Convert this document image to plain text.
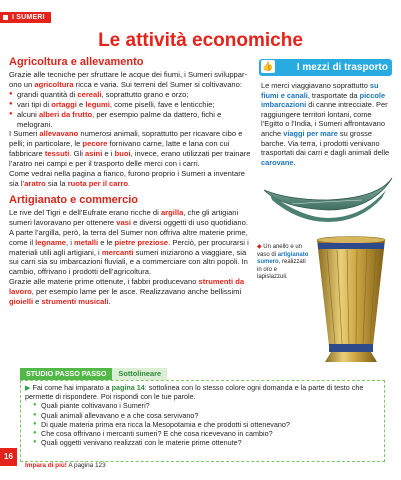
I SUMERI
Le attività economiche
Agricoltura e allevamento

Grazie alle tecniche per sfruttare le acque dei fiumi, i Sumeri svilupparono un agricoltura ricca e varia. Sui terreni del Sumer si coltivavano:

● grandi quantità di cereali, soprattutto grano e orzo;
● vari tipi di ortaggi e legumi, come piselli, fave e lenticchie;
● alcuni alberi da frutto, per esempio palme da dattero, fichi e melograni.

I Sumeri allevavano numerosi animali, soprattutto per ricavare cibo e pelli; in particolare, le pecore fornivano carne, latte e lana con cui fabbricare tessuti. Gli asini e i buoi, invece, erano utilizzati per trainare l’aratro nei campi e per il trasporto delle merci con i carri.

Come vedrai nella pagina a fianco, furono proprio i Sumeri a inventare sia l’aratro sia la ruota per il carro.

Artigianato e commercio

Le rive del Tigri e dell’Eufrate erano ricche di argilla, che gli artigiani sumeri lavoravano per ottenere vasi e diversi oggetti di uso quotidiano. A parte l’argilla, però, la terra del Sumer non offriva altre materie prime, come il legname, i metalli e le pietre preziose. Perciò, per procurarsi i materiali utili agli artigiani, i mercanti sumeri iniziarono a viaggiare, sia sui carri sia su imbarcazioni fluviali, e a commerciare con altri popoli. In cambio, offrivano i prodotti dell’agricoltura.

Grazie alle materie prime ottenute, i fabbri producevano strumenti da lavoro, per esempio lame per le asce. Realizzavano anche bellissimi gioielli e strumenti musicali.

👍 I mezzi di trasporto

Le merci viaggiavano soprattutto su fiumi e canali, trasportate da piccole imbarcazioni di canne intrecciate. Per raggiungere territori lontani, come l’Egitto o l’India, i Sumeri affrontavano anche viaggi per mare su grosse barche. Via terra, i prodotti venivano trasportati dai carri e dagli animali delle carovane.

◆ Un anello e un vaso di artigianato sumero, realizzati in oro e lapislazzuli.
STUDIO PASSO PASSO	Sottolineare

▶ Fai come hai imparato a pagina 14: sottolinea con lo stesso colore ogni domanda e la parte di testo che permette di rispondere. Poi rispondi con le tue parole.

● Quali piante coltivavano i Sumeri?
● Quali animali allevavano e a che cosa servivano?
● Di quale materia prima era ricca la Mesopotamia e che prodotti si ottenevano?
● Che cosa offrivano i mercanti sumeri? E che cosa ricevevano in cambio?
● Quali oggetti venivano realizzati con le materie prime ottenute?
16
Impara di più! A pagina 123
